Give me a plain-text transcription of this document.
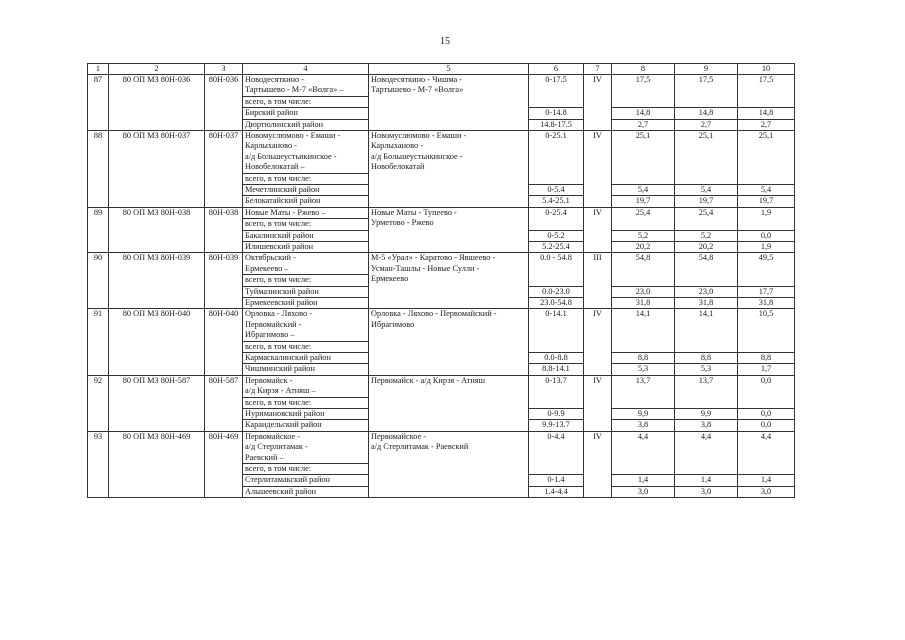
15
1	2	3	4	5	6	7	8	9	10
87	80 ОП МЗ 80Н-036	80Н-036	Новодесяткино -
Тартышево - М-7 «Волга» –	Новодесяткино - Чишма -
Тартышево - М-7 «Волга»	0-17.5	IV	17,5	17,5	17,5
			всего, в том числе:						
			Бирский район		0-14.8		14,8	14,8	14,8
			Дюртюлинский район		14.8-17.5		2,7	2,7	2,7
88	80 ОП МЗ 80Н-037	80Н-037	Новомуслюмово - Емаши -
Карлыханово -
а/д Большеустьикинское -
Новобелокатай –	Новомуслюмово - Емаши -
Карлыханово -
а/д Большеустьикинское -
Новобелокатай	0-25.1	IV	25,1	25,1	25,1
			всего, в том числе:						
			Мечетлинский район		0-5.4		5,4	5,4	5,4
			Белокатайский район		5.4-25.1		19,7	19,7	19,7
89	80 ОП МЗ 80Н-038	80Н-038	Новые Маты - Ржево –	Новые Маты - Тупеево -
Урметово - Ржево	0-25.4	IV	25,4	25,4	1,9
			всего, в том числе:						
			Бакалинский район		0-5.2		5,2	5,2	0,0
			Илишевский район		5.2-25.4		20,2	20,2	1,9
90	80 ОП МЗ 80Н-039	80Н-039	Октябрьский -
Ермекеево –	М-5 «Урал» - Каратово - Явшеево -
Усман-Ташлы - Новые Сулли -
Ермекеево	0.0 - 54.8	III	54,8	54,8	49,5
			всего, в том числе:						
			Туймазинский район		0.0-23.0		23,0	23,0	17,7
			Ермекеевский район		23.0-54.8		31,8	31,8	31,8
91	80 ОП МЗ 80Н-040	80Н-040	Орловка - Ляхово -
Первомайский -
Ибрагимово –	Орловка - Ляхово - Первомайский -
Ибрагимово	0-14.1	IV	14,1	14,1	10,5
			всего, в том числе:						
			Кармаскалинский район		0.0-8.8		8,8	8,8	8,8
			Чишминский район		8.8-14.1		5,3	5,3	1,7
92	80 ОП МЗ 80Н-587	80Н-587	Первомайск -
а/д Кирзя - Атняш –	Первомайск - а/д Кирзя - Атняш	0-13.7	IV	13,7	13,7	0,0
			всего, в том числе:						
			Нуримановский район		0-9.9		9,9	9,9	0,0
			Караидельский район		9.9-13.7		3,8	3,8	0,0
93	80 ОП МЗ 80Н-469	80Н-469	Первомайское -
а/д Стерлитамак -
Раевский –	Первомайское -
а/д Стерлитамак - Раевский	0-4.4	IV	4,4	4,4	4,4
			всего, в том числе:						
			Стерлитамакский район		0-1.4		1,4	1,4	1,4
			Альшеевский район		1.4-4.4		3,0	3,0	3,0
